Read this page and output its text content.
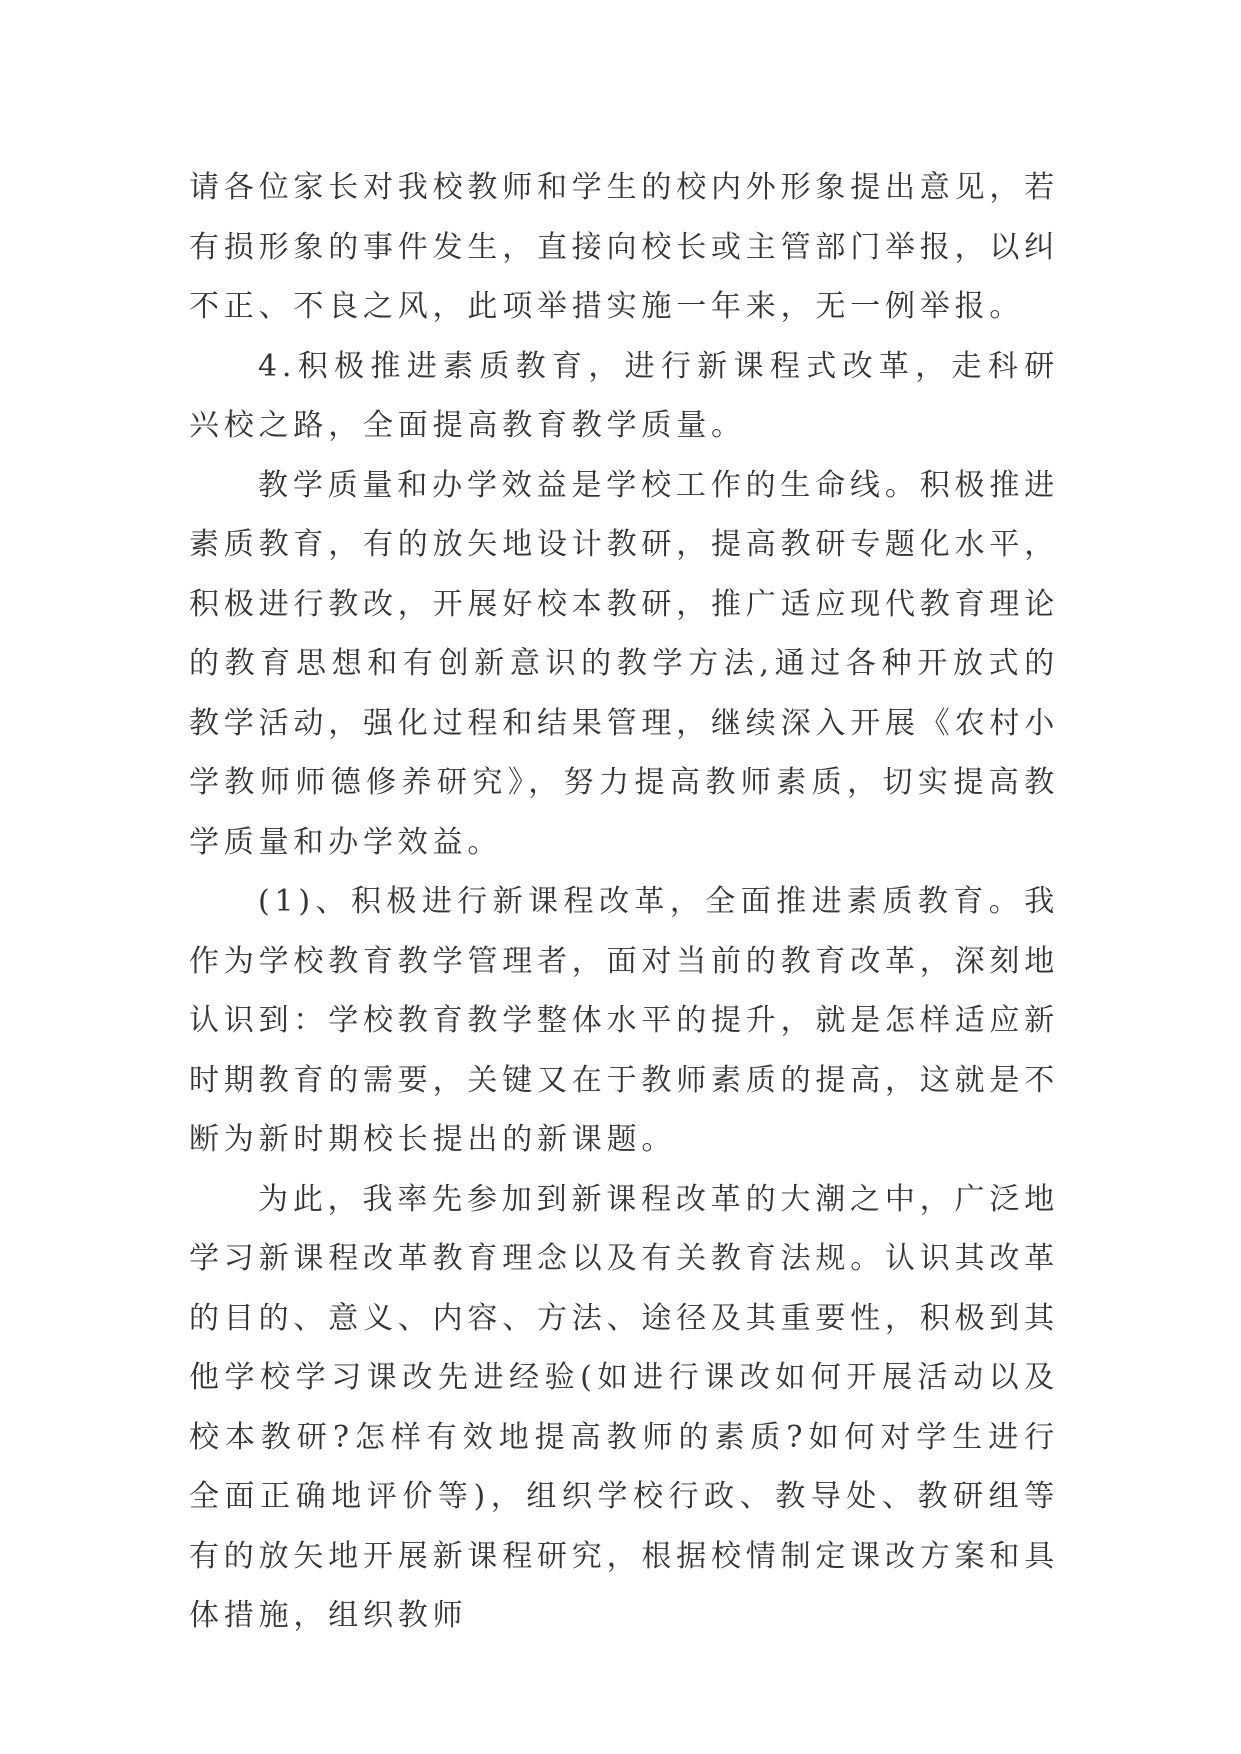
请各位家长对我校教师和学生的校内外形象提出意见，若有损形象的事件发生，直接向校长或主管部门举报，以纠不正、不良之风，此项举措实施一年来，无一例举报。

4.积极推进素质教育，进行新课程式改革，走科研兴校之路，全面提高教育教学质量。

教学质量和办学效益是学校工作的生命线。积极推进素质教育，有的放矢地设计教研，提高教研专题化水平，积极进行教改，开展好校本教研，推广适应现代教育理论的教育思想和有创新意识的教学方法,通过各种开放式的教学活动，强化过程和结果管理，继续深入开展《农村小学教师师德修养研究》，努力提高教师素质，切实提高教学质量和办学效益。

(1)、积极进行新课程改革，全面推进素质教育。我作为学校教育教学管理者，面对当前的教育改革，深刻地认识到：学校教育教学整体水平的提升，就是怎样适应新时期教育的需要，关键又在于教师素质的提高，这就是不断为新时期校长提出的新课题。

为此，我率先参加到新课程改革的大潮之中，广泛地学习新课程改革教育理念以及有关教育法规。认识其改革的目的、意义、内容、方法、途径及其重要性，积极到其他学校学习课改先进经验(如进行课改如何开展活动以及校本教研?怎样有效地提高教师的素质?如何对学生进行全面正确地评价等)，组织学校行政、教导处、教研组等有的放矢地开展新课程研究，根据校情制定课改方案和具体措施，组织教师
